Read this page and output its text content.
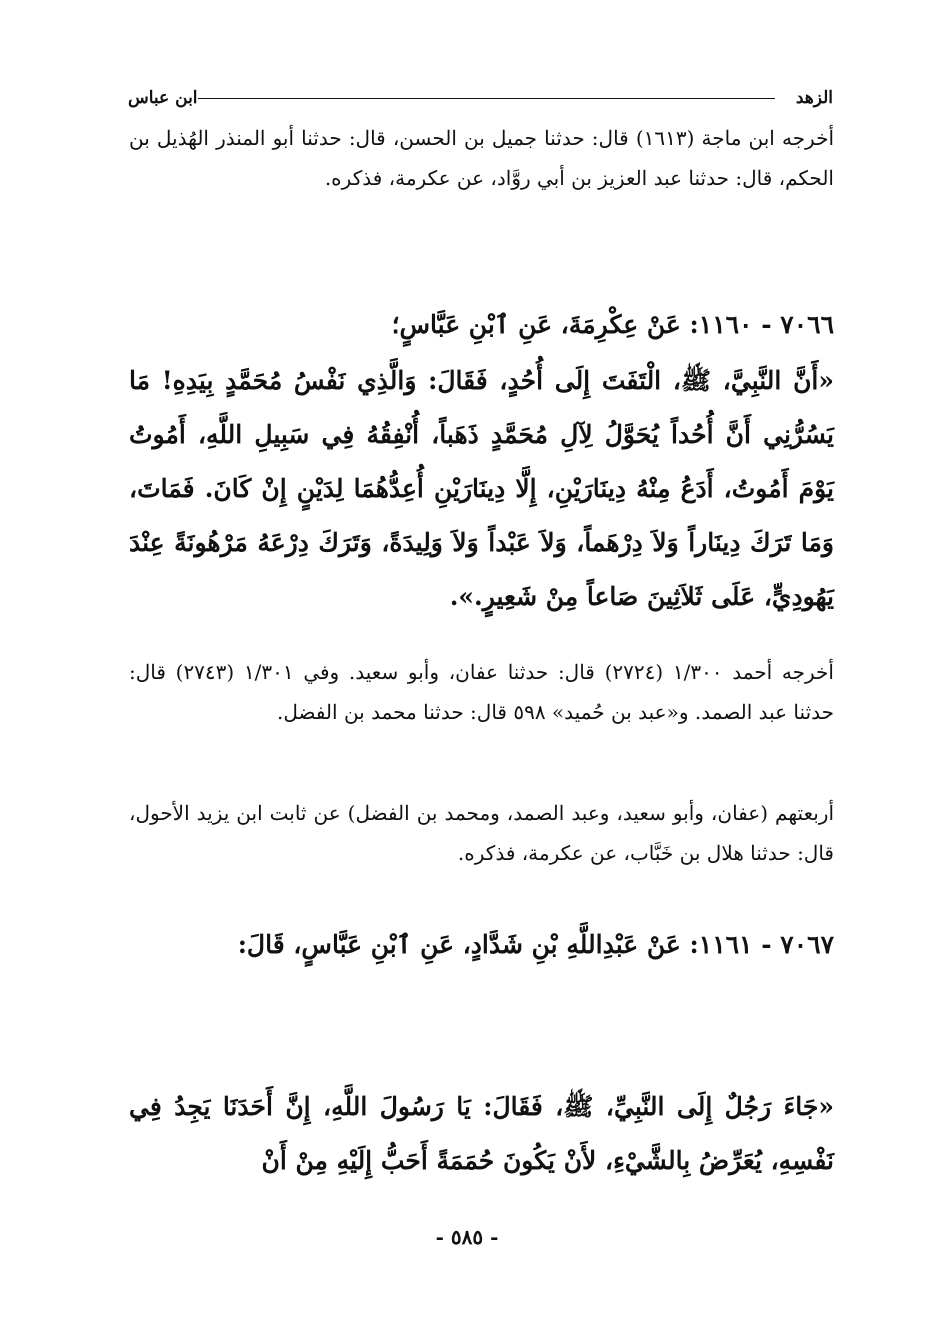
الزهد
ابن عباس
أخرجه ابن ماجة (١٦١٣) قال: حدثنا جميل بن الحسن، قال: حدثنا أبو المنذر الهُذيل بن الحكم، قال: حدثنا عبد العزيز بن أبي روَّاد، عن عكرمة، فذكره.
٧٠٦٦ - ١١٦٠: عَنْ عِكْرِمَةَ، عَنِ ٱبْنِ عَبَّاسٍ؛
«أَنَّ النَّبِيَّ، ﷺ، الْتَفَتَ إِلَى أُحُدٍ، فَقَالَ: وَالَّذِي نَفْسُ مُحَمَّدٍ بِيَدِهِ! مَا يَسُرُّنِي أَنَّ أُحُداً يُحَوَّلُ لِآلِ مُحَمَّدٍ ذَهَباً، أُنْفِقُهُ فِي سَبِيلِ اللَّهِ، أَمُوتُ يَوْمَ أَمُوتُ، أَدَعُ مِنْهُ دِينَارَيْنِ، إِلَّا دِينَارَيْنِ أُعِدُّهُمَا لِدَيْنٍ إِنْ كَانَ. فَمَاتَ، وَمَا تَرَكَ دِينَاراً وَلاَ دِرْهَماً، وَلاَ عَبْداً وَلاَ وَلِيدَةً، وَتَرَكَ دِرْعَهُ مَرْهُونَةً عِنْدَ يَهُودِيٍّ، عَلَى ثَلاَثِينَ صَاعاً مِنْ شَعِيرٍ.».
أخرجه أحمد ١/٣٠٠ (٢٧٢٤) قال: حدثنا عفان، وأبو سعيد. وفي ١/٣٠١ (٢٧٤٣) قال: حدثنا عبد الصمد. و«عبد بن حُميد» ٥٩٨ قال: حدثنا محمد بن الفضل.
أربعتهم (عفان، وأبو سعيد، وعبد الصمد، ومحمد بن الفضل) عن ثابت ابن يزيد الأحول، قال: حدثنا هلال بن خَبَّاب، عن عكرمة، فذكره.
٧٠٦٧ - ١١٦١: عَنْ عَبْدِاللَّهِ بْنِ شَدَّادٍ، عَنِ ٱبْنِ عَبَّاسٍ، قَالَ:
«جَاءَ رَجُلٌ إِلَى النَّبِيِّ، ﷺ، فَقَالَ: يَا رَسُولَ اللَّهِ، إِنَّ أَحَدَنَا يَجِدُ فِي نَفْسِهِ، يُعَرِّضُ بِالشَّيْءِ، لأَنْ يَكُونَ حُمَمَةً أَحَبُّ إِلَيْهِ مِنْ أَنْ
- ٥٨٥ -
